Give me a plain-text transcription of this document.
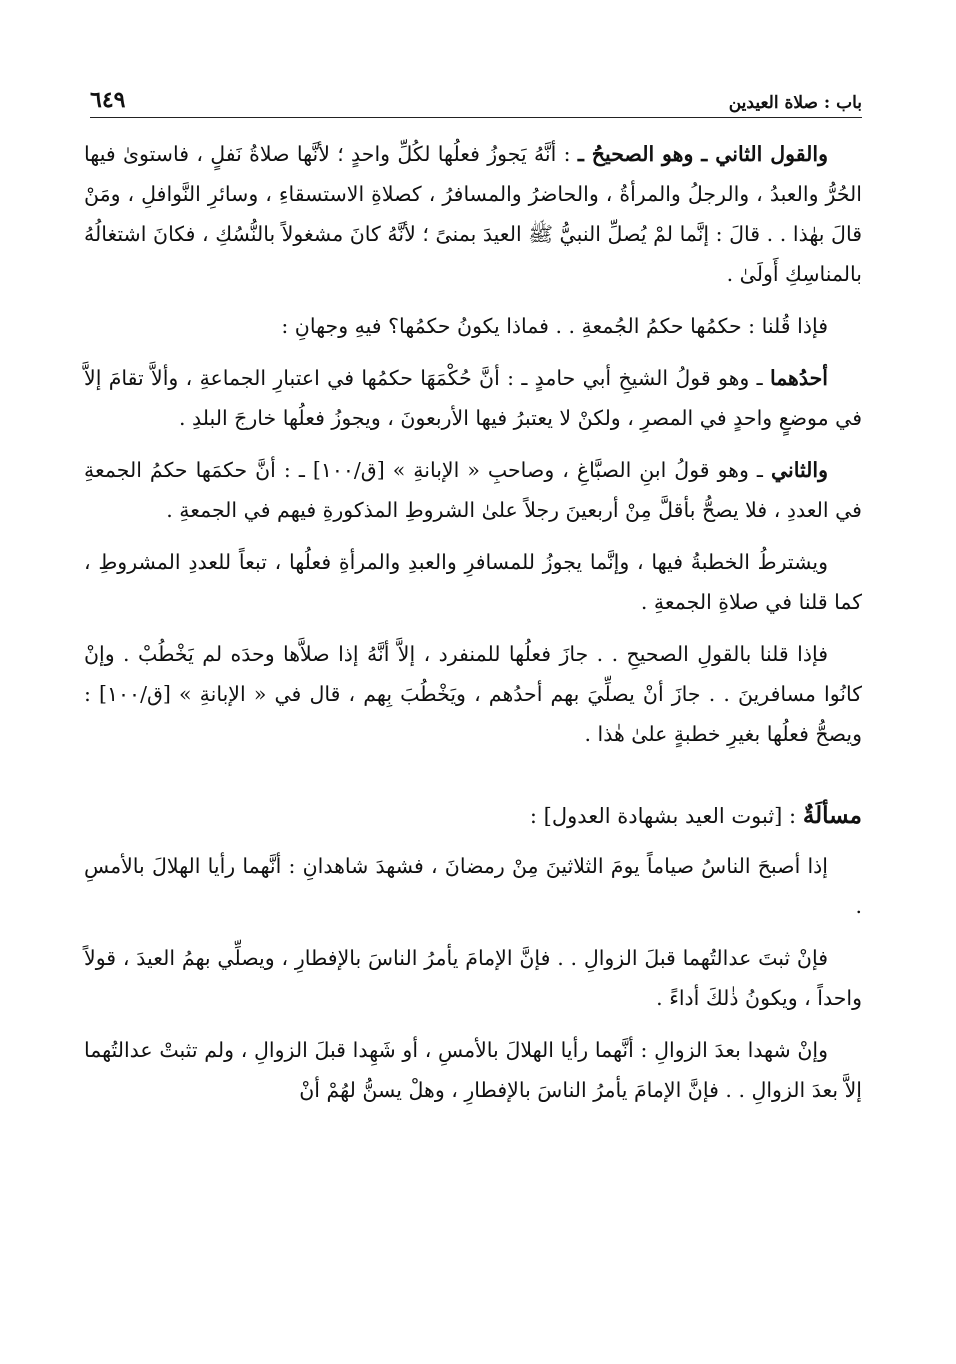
باب : صلاة العيدين
٦٤٩

والقول الثاني ـ وهو الصحيحُ ـ : أنَّهُ يَجوزُ فعلُها لكُلِّ واحدٍ ؛ لأنَّها صلاةُ نَفلٍ ، فاستوىٰ فيها الحُرُّ والعبدُ ، والرجلُ والمرأةُ ، والحاضرُ والمسافرُ ، كصلاةِ الاستسقاءِ ، وسائرِ النَّوافلِ ، ومَنْ قالَ بهٰذا . . قالَ : إنَّما لمْ يُصلِّ النبيُّ ﷺ العيدَ بمنىً ؛ لأنَّهُ كانَ مشغولاً بالنُّسُكِ ، فكانَ اشتغالُهُ بالمناسِكِ أَولَىٰ .

فإذا قُلنا : حكمُها حكمُ الجُمعةِ . . فماذا يكونُ حكمُها؟ فيهِ وجهانِ :

أحدُهما ـ وهو قولُ الشيخِ أبي حامدٍ ـ : أنَّ حُكْمَهَا حكمُها في اعتبارِ الجماعةِ ، وألاَّ تقامَ إلاَّ في موضعٍ واحدٍ في المصرِ ، ولكنْ لا يعتبرُ فيها الأربعونَ ، ويجوزُ فعلُها خارجَ البلدِ .

والثاني ـ وهو قولُ ابنِ الصبَّاغِ ، وصاحبِ « الإبانةِ » [ق/١٠٠] ـ : أنَّ حكمَها حكمُ الجمعةِ في العددِ ، فلا يصحُّ بأقلَّ مِنْ أربعينَ رجلاً علىٰ الشروطِ المذكورةِ فيهم في الجمعةِ .

ويشترطُ الخطبةُ فيها ، وإنَّما يجوزُ للمسافرِ والعبدِ والمرأةِ فعلُها ، تبعاً للعددِ المشروطِ ، كما قلنا في صلاةِ الجمعةِ .

فإذا قلنا بالقولِ الصحيحِ . . جازَ فعلُها للمنفرد ، إلاَّ أنَّهُ إذا صلاَّها وحدَه لم يَخْطُبْ . وإنْ كانُوا مسافرينَ . . جازَ أنْ يصلِّيَ بهم أحدُهم ، ويَخْطُبَ بِهم ، قال في « الإبانةِ » [ق/١٠٠] : ويصحُّ فعلُها بغيرِ خطبةٍ علىٰ هٰذا .

مسألَةٌ : [ثبوت العيد بشهادة العدول] :

إذا أصبحَ الناسُ صياماً يومَ الثلاثينَ مِنْ رمضانَ ، فشهدَ شاهدانِ : أنَّهما رأيا الهلالَ بالأمسِ .

فإنْ ثبتَ عدالتُهما قبلَ الزوالِ . . فإنَّ الإمامَ يأمرُ الناسَ بالإفطارِ ، ويصلِّي بهمُ العيدَ ، قولاً واحداً ، ويكونُ ذٰلكَ أداءً .

وإنْ شهدا بعدَ الزوالِ : أنَّهما رأيا الهلالَ بالأمسِ ، أو شَهِدا قبلَ الزوالِ ، ولم تثبتْ عدالتُهما إلاَّ بعدَ الزوالِ . . فإنَّ الإمامَ يأمرُ الناسَ بالإفطارِ ، وهلْ يسنُّ لهُمْ أنْ
